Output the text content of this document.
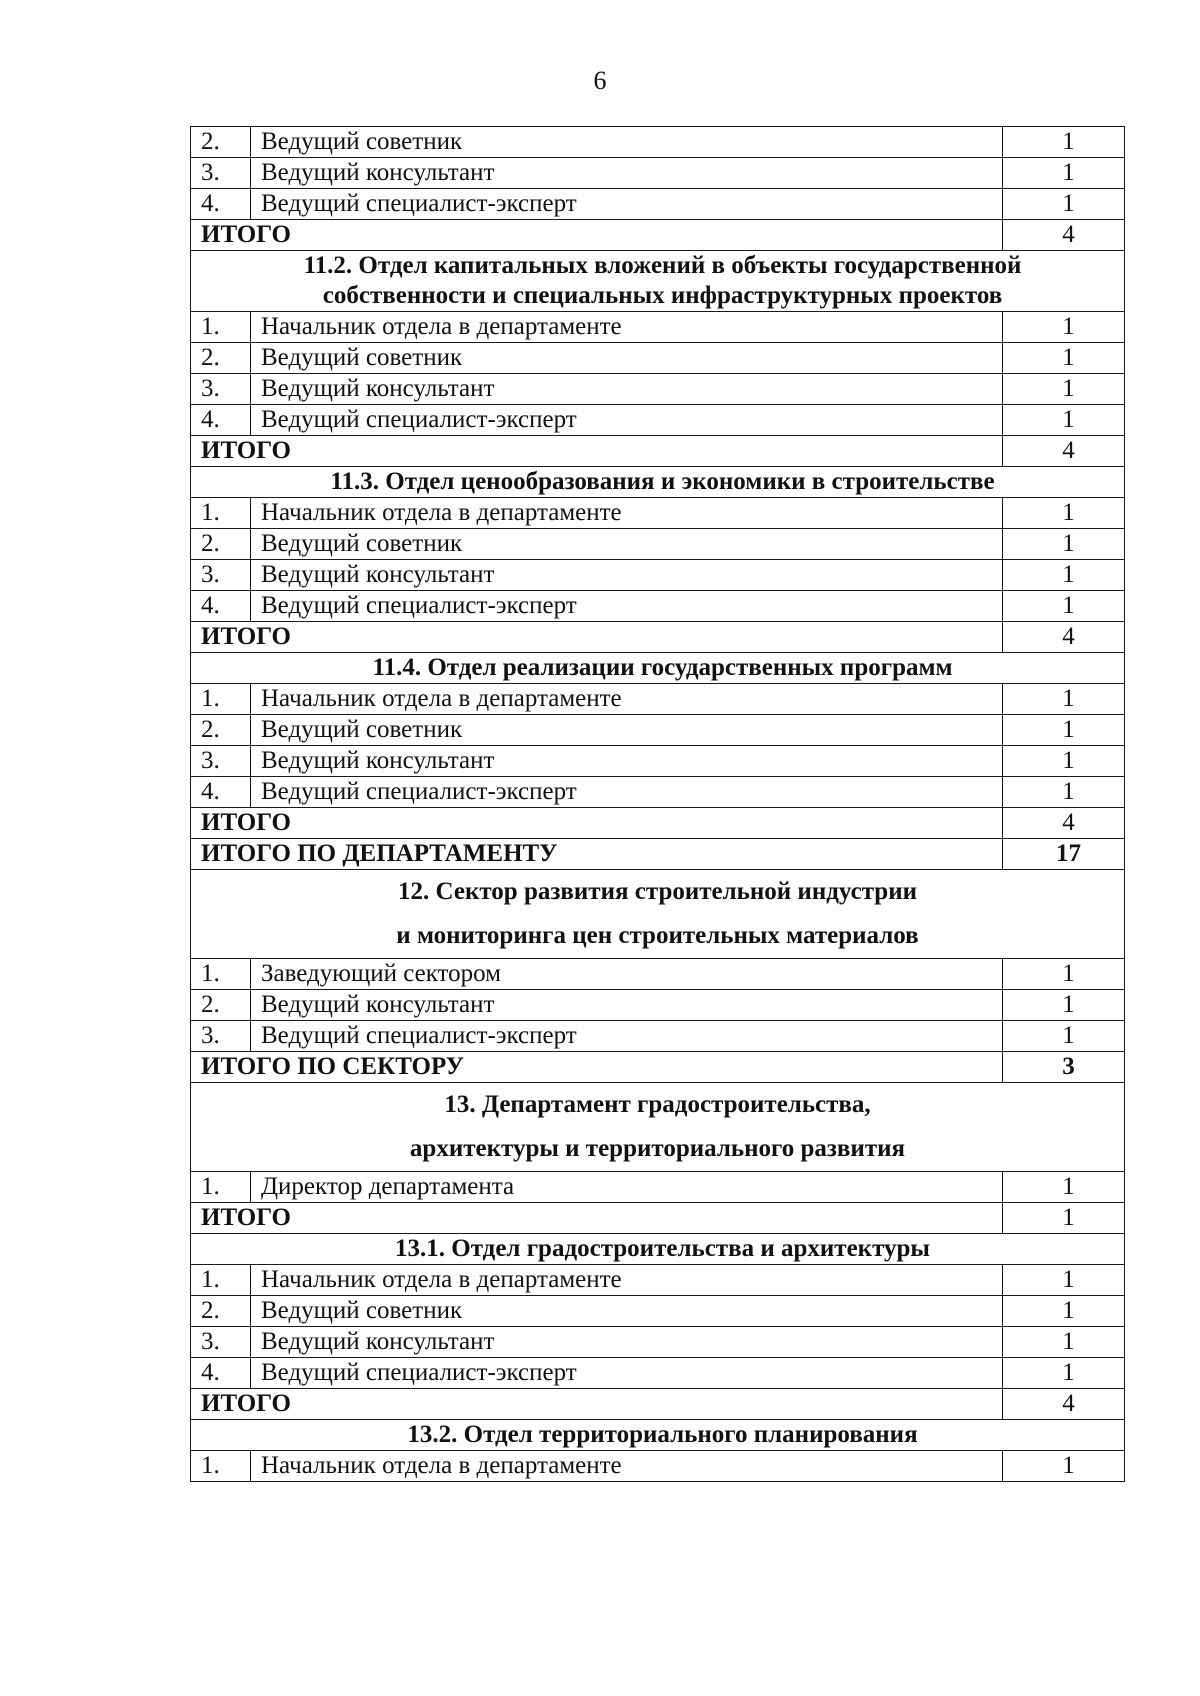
6
2.	Ведущий советник	1
3.	Ведущий консультант	1
4.	Ведущий специалист-эксперт	1
ИТОГО		4

11.2. Отдел капитальных вложений в объекты государственной
собственности и специальных инфраструктурных проектов		

1.	Начальник отдела в департаменте	1
2.	Ведущий советник	1
3.	Ведущий консультант	1
4.	Ведущий специалист-эксперт	1
ИТОГО		4

11.3. Отдел ценообразования и экономики в строительстве		

1.	Начальник отдела в департаменте	1
2.	Ведущий советник	1
3.	Ведущий консультант	1
4.	Ведущий специалист-эксперт	1
ИТОГО		4

11.4. Отдел реализации государственных программ		

1.	Начальник отдела в департаменте	1
2.	Ведущий советник	1
3.	Ведущий консультант	1
4.	Ведущий специалист-эксперт	1
ИТОГО		4
ИТОГО ПО ДЕПАРТАМЕНТУ		17

12. Сектор развития строительной индустрии
и мониторинга цен строительных материалов		

1.	Заведующий сектором	1
2.	Ведущий консультант	1
3.	Ведущий специалист-эксперт	1
ИТОГО ПО СЕКТОРУ		3

13. Департамент градостроительства,
архитектуры и территориального развития		

1.	Директор департамента	1
ИТОГО		1

13.1. Отдел градостроительства и архитектуры		

1.	Начальник отдела в департаменте	1
2.	Ведущий советник	1
3.	Ведущий консультант	1
4.	Ведущий специалист-эксперт	1
ИТОГО		4

13.2. Отдел территориального планирования		

1.	Начальник отдела в департаменте	1
